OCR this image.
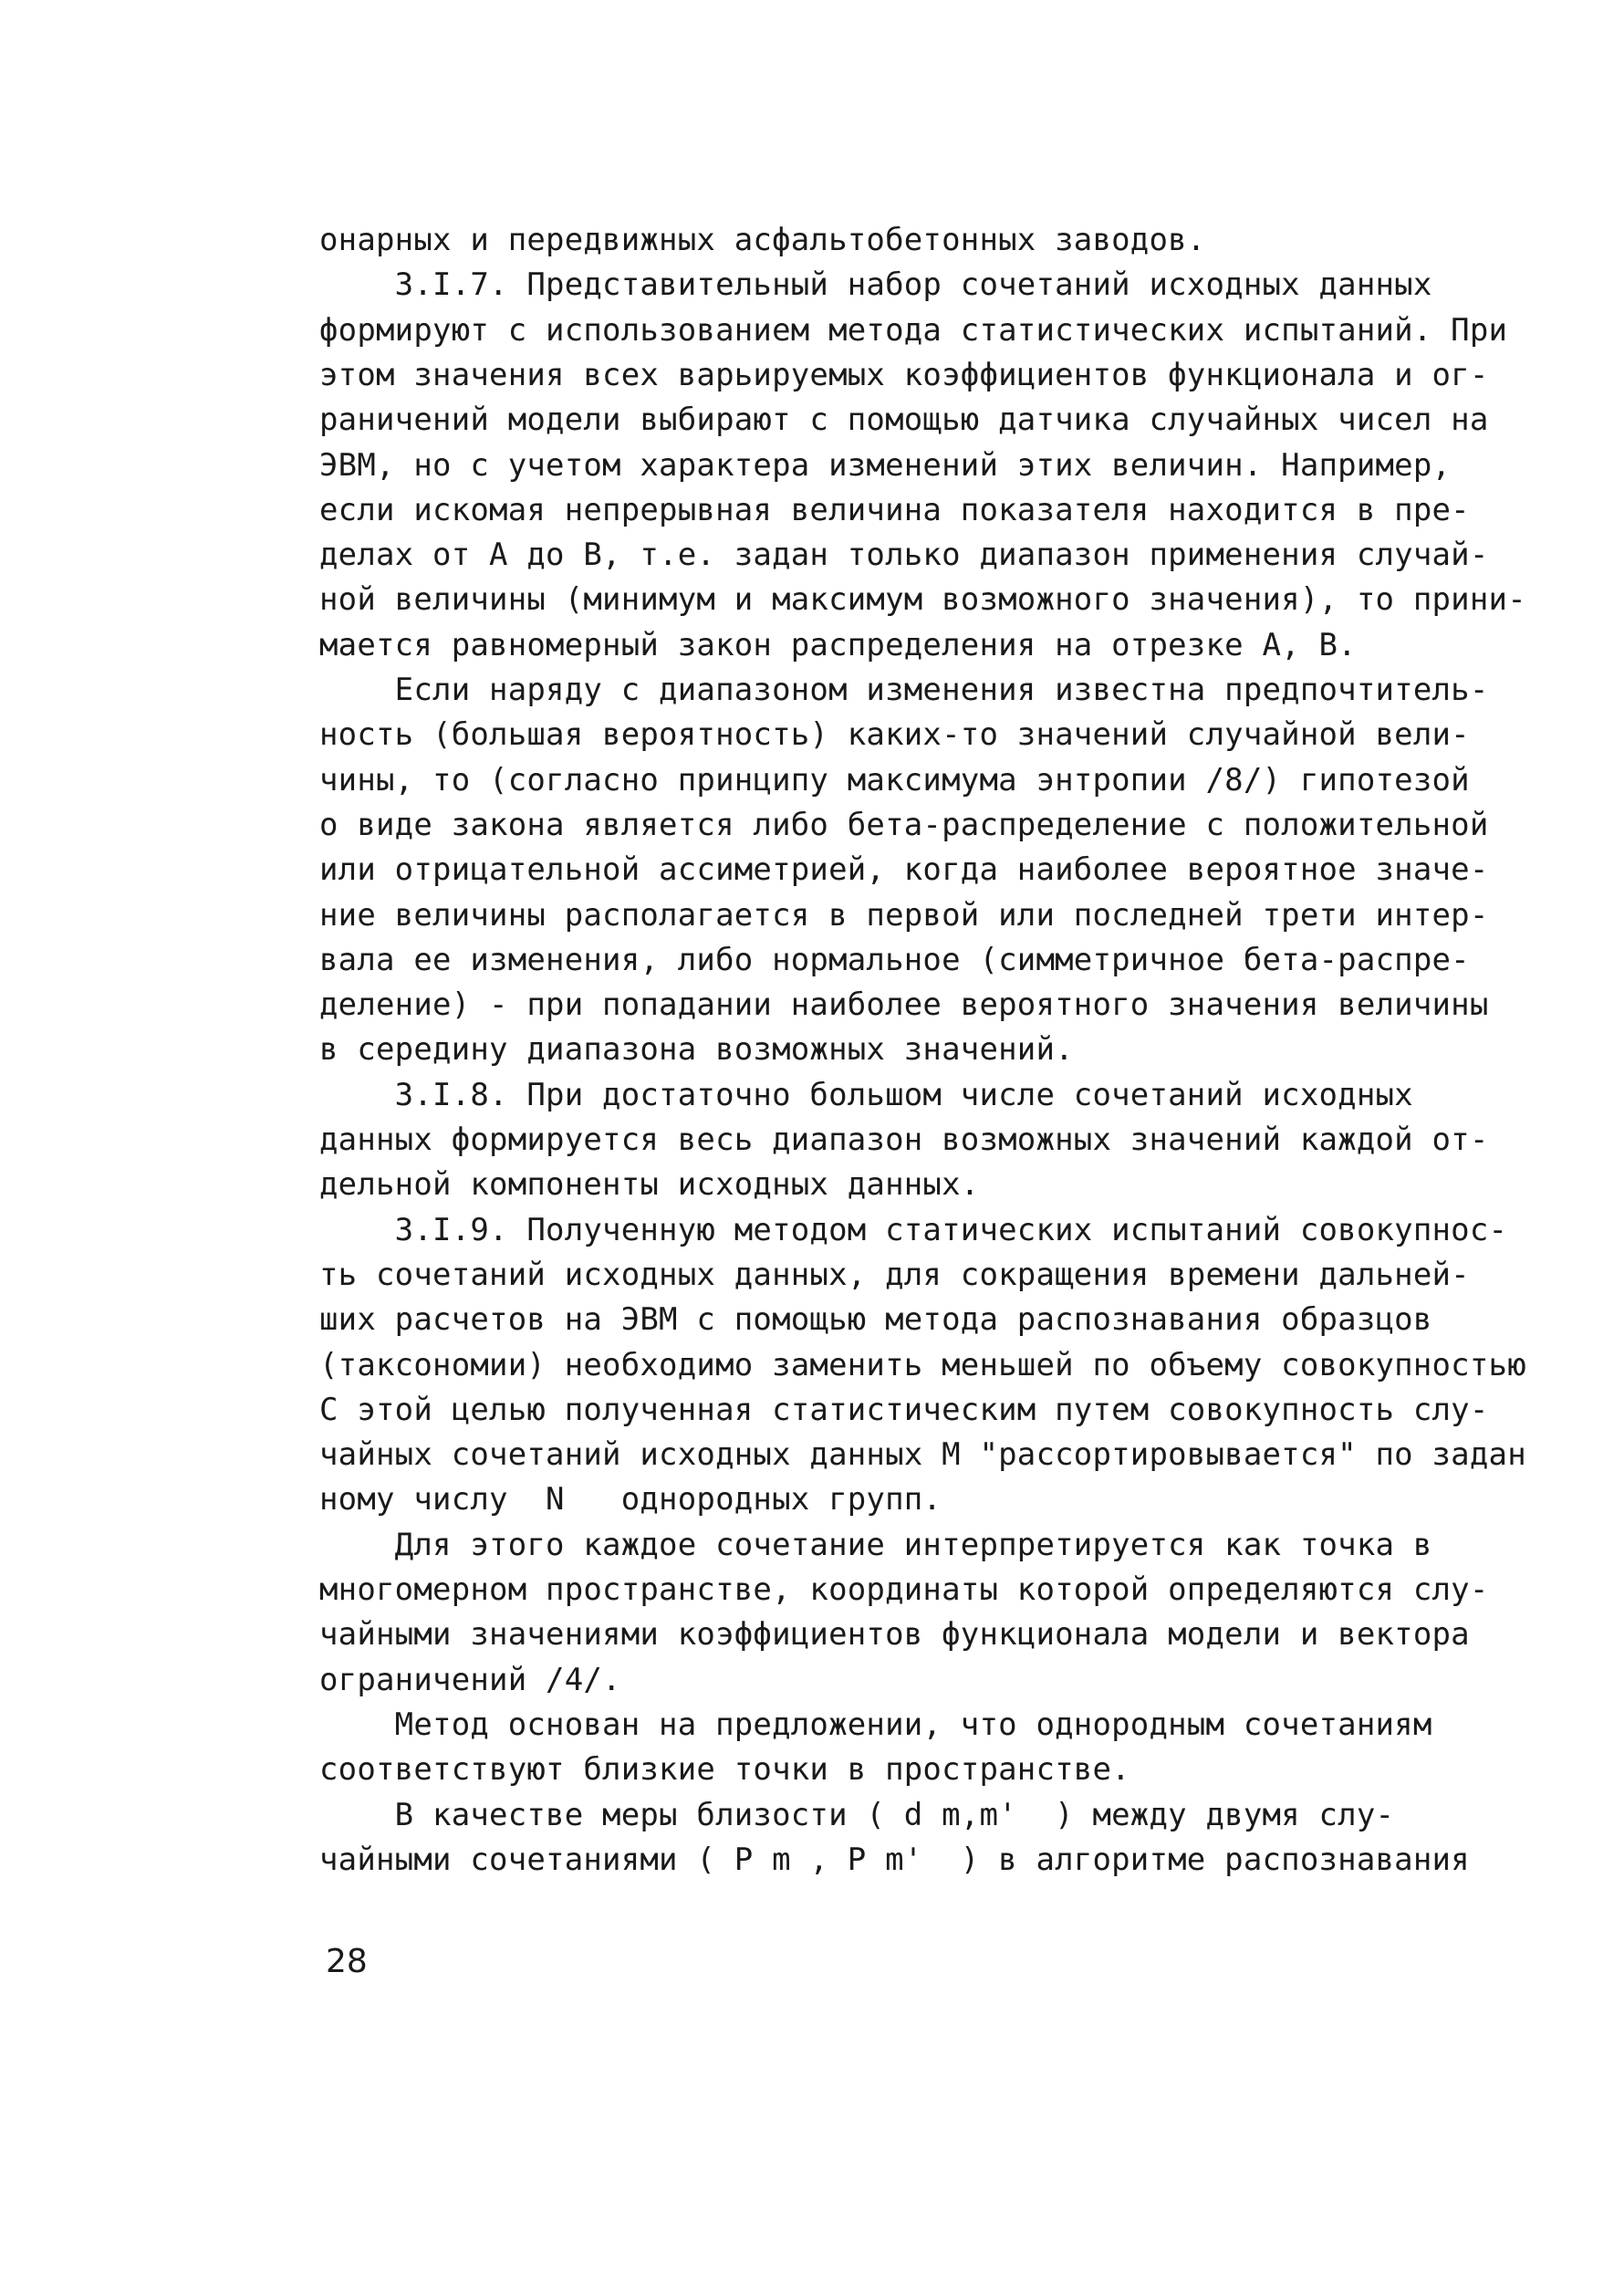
онарных и передвижных асфальтобетонных заводов.
3.I.7. Представительный набор сочетаний исходных данных
формируют с использованием метода статистических испытаний. При
этом значения всех варьируемых коэффициентов функционала и ог-
раничений модели выбирают с помощью датчика случайных чисел на
ЭВМ, но с учетом характера изменений этих величин. Например,
если искомая непрерывная величина показателя находится в пре-
делах от А до В, т.е. задан только диапазон применения случай-
ной величины (минимум и максимум возможного значения), то прини-
мается равномерный закон распределения на отрезке А, В.
Если наряду с диапазоном изменения известна предпочтитель-
ность (большая вероятность) каких-то значений случайной вели-
чины, то (согласно принципу максимума энтропии /8/) гипотезой
о виде закона является либо бета-распределение с положительной
или отрицательной ассиметрией, когда наиболее вероятное значе-
ние величины располагается в первой или последней трети интер-
вала ее изменения, либо нормальное (симметричное бета-распре-
деление) - при попадании наиболее вероятного значения величины
в середину диапазона возможных значений.
3.I.8. При достаточно большом числе сочетаний исходных
данных формируется весь диапазон возможных значений каждой от-
дельной компоненты исходных данных.
3.I.9. Полученную методом статических испытаний совокупнос-
ть сочетаний исходных данных, для сокращения времени дальней-
ших расчетов на ЭВМ с помощью метода распознавания образцов
(таксономии) необходимо заменить меньшей по объему совокупностью
С этой целью полученная статистическим путем совокупность слу-
чайных сочетаний исходных данных М "рассортировывается" по задан
ному числу  N   однородных групп.
Для этого каждое сочетание интерпретируется как точка в
многомерном пространстве, координаты которой определяются слу-
чайными значениями коэффициентов функционала модели и вектора
ограничений /4/.
Метод основан на предложении, что однородным сочетаниям
соответствуют близкие точки в пространстве.
В качестве меры близости ( d m,m'  ) между двумя слу-
чайными сочетаниями ( P m , P m'  ) в алгоритме распознавания
28
